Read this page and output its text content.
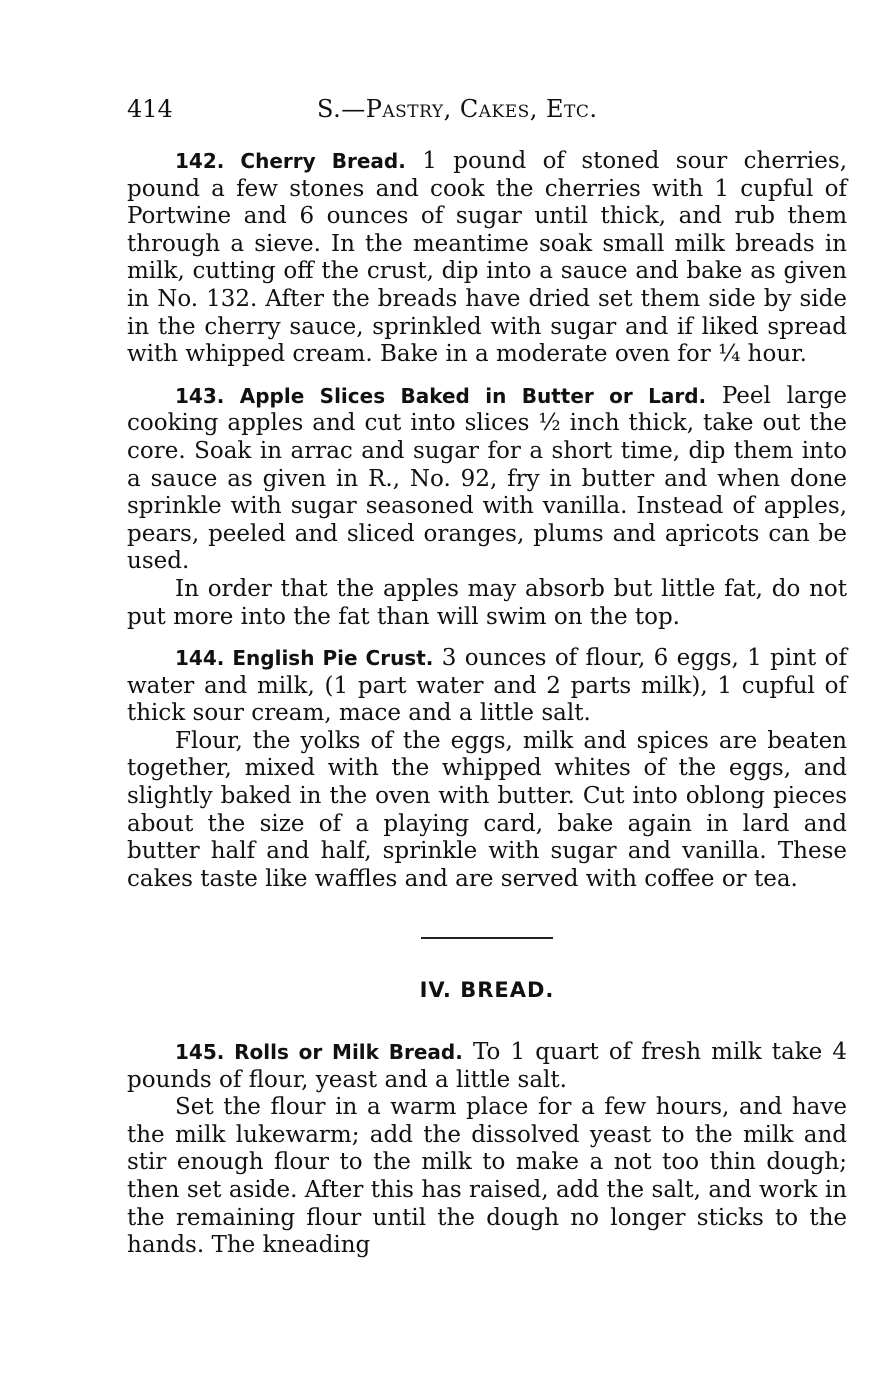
414	S.—Pastry, Cakes, Etc.

142. Cherry Bread. 1 pound of stoned sour cherries, pound a few stones and cook the cherries with 1 cupful of Portwine and 6 ounces of sugar until thick, and rub them through a sieve. In the meantime soak small milk breads in milk, cutting off the crust, dip into a sauce and bake as given in No. 132. After the breads have dried set them side by side in the cherry sauce, sprinkled with sugar and if liked spread with whipped cream. Bake in a moderate oven for ¼ hour.

143. Apple Slices Baked in Butter or Lard. Peel large cooking apples and cut into slices ½ inch thick, take out the core. Soak in arrac and sugar for a short time, dip them into a sauce as given in R., No. 92, fry in butter and when done sprinkle with sugar seasoned with vanilla. Instead of apples, pears, peeled and sliced oranges, plums and apricots can be used.

In order that the apples may absorb but little fat, do not put more into the fat than will swim on the top.

144. English Pie Crust. 3 ounces of flour, 6 eggs, 1 pint of water and milk, (1 part water and 2 parts milk), 1 cupful of thick sour cream, mace and a little salt.

Flour, the yolks of the eggs, milk and spices are beaten together, mixed with the whipped whites of the eggs, and slightly baked in the oven with butter. Cut into oblong pieces about the size of a playing card, bake again in lard and butter half and half, sprinkle with sugar and vanilla. These cakes taste like waffles and are served with coffee or tea.

IV. BREAD.

145. Rolls or Milk Bread. To 1 quart of fresh milk take 4 pounds of flour, yeast and a little salt.

Set the flour in a warm place for a few hours, and have the milk lukewarm; add the dissolved yeast to the milk and stir enough flour to the milk to make a not too thin dough; then set aside. After this has raised, add the salt, and work in the remaining flour until the dough no longer sticks to the hands. The kneading
